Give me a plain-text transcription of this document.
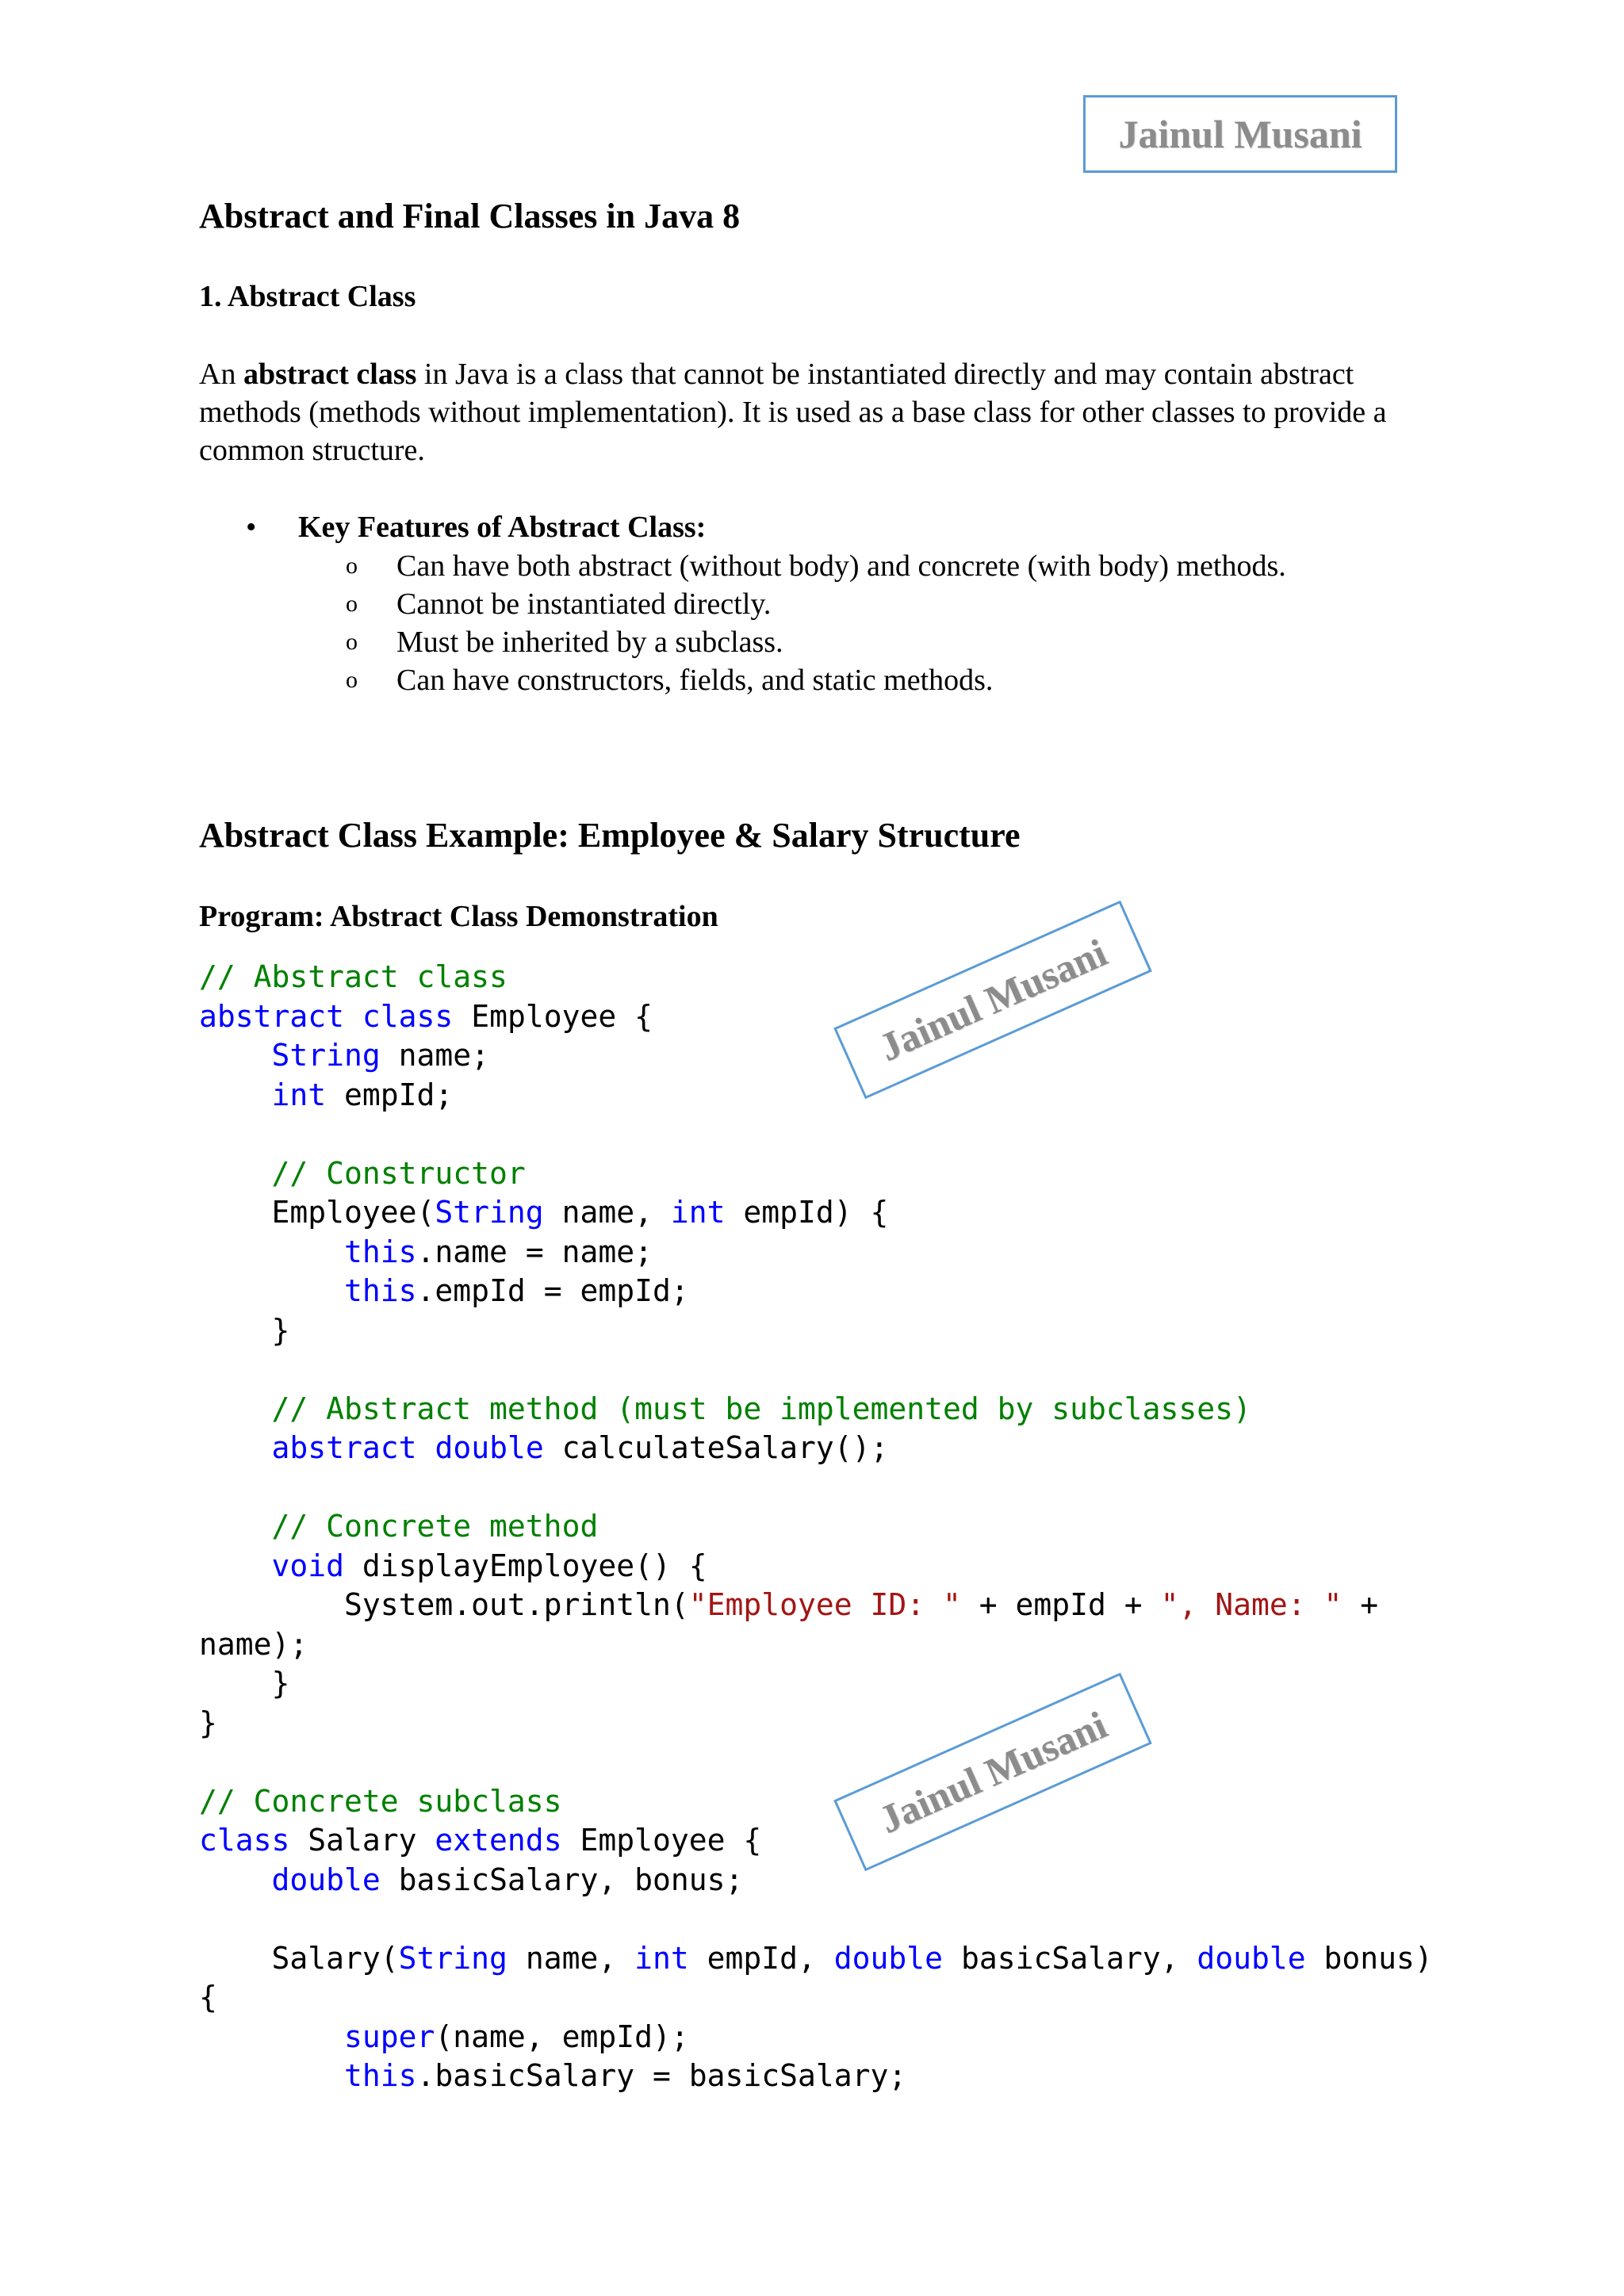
Jainul Musani
Abstract and Final Classes in Java 8
1. Abstract Class
An abstract class in Java is a class that cannot be instantiated directly and may contain abstract methods (methods without implementation). It is used as a base class for other classes to provide a common structure.
• Key Features of Abstract Class:
o Can have both abstract (without body) and concrete (with body) methods.
o Cannot be instantiated directly.
o Must be inherited by a subclass.
o Can have constructors, fields, and static methods.
Abstract Class Example: Employee & Salary Structure
Program: Abstract Class Demonstration
// Abstract class
abstract class Employee {
String name;
int empId;
// Constructor
Employee(String name, int empId) {
this.name = name;
this.empId = empId;
}
// Abstract method (must be implemented by subclasses)
abstract double calculateSalary();
// Concrete method
void displayEmployee() {
System.out.println("Employee ID: " + empId + ", Name: " +
name);
}
}
// Concrete subclass
class Salary extends Employee {
double basicSalary, bonus;
Salary(String name, int empId, double basicSalary, double bonus)
{
super(name, empId);
this.basicSalary = basicSalary;
Jainul Musani
Jainul Musani
